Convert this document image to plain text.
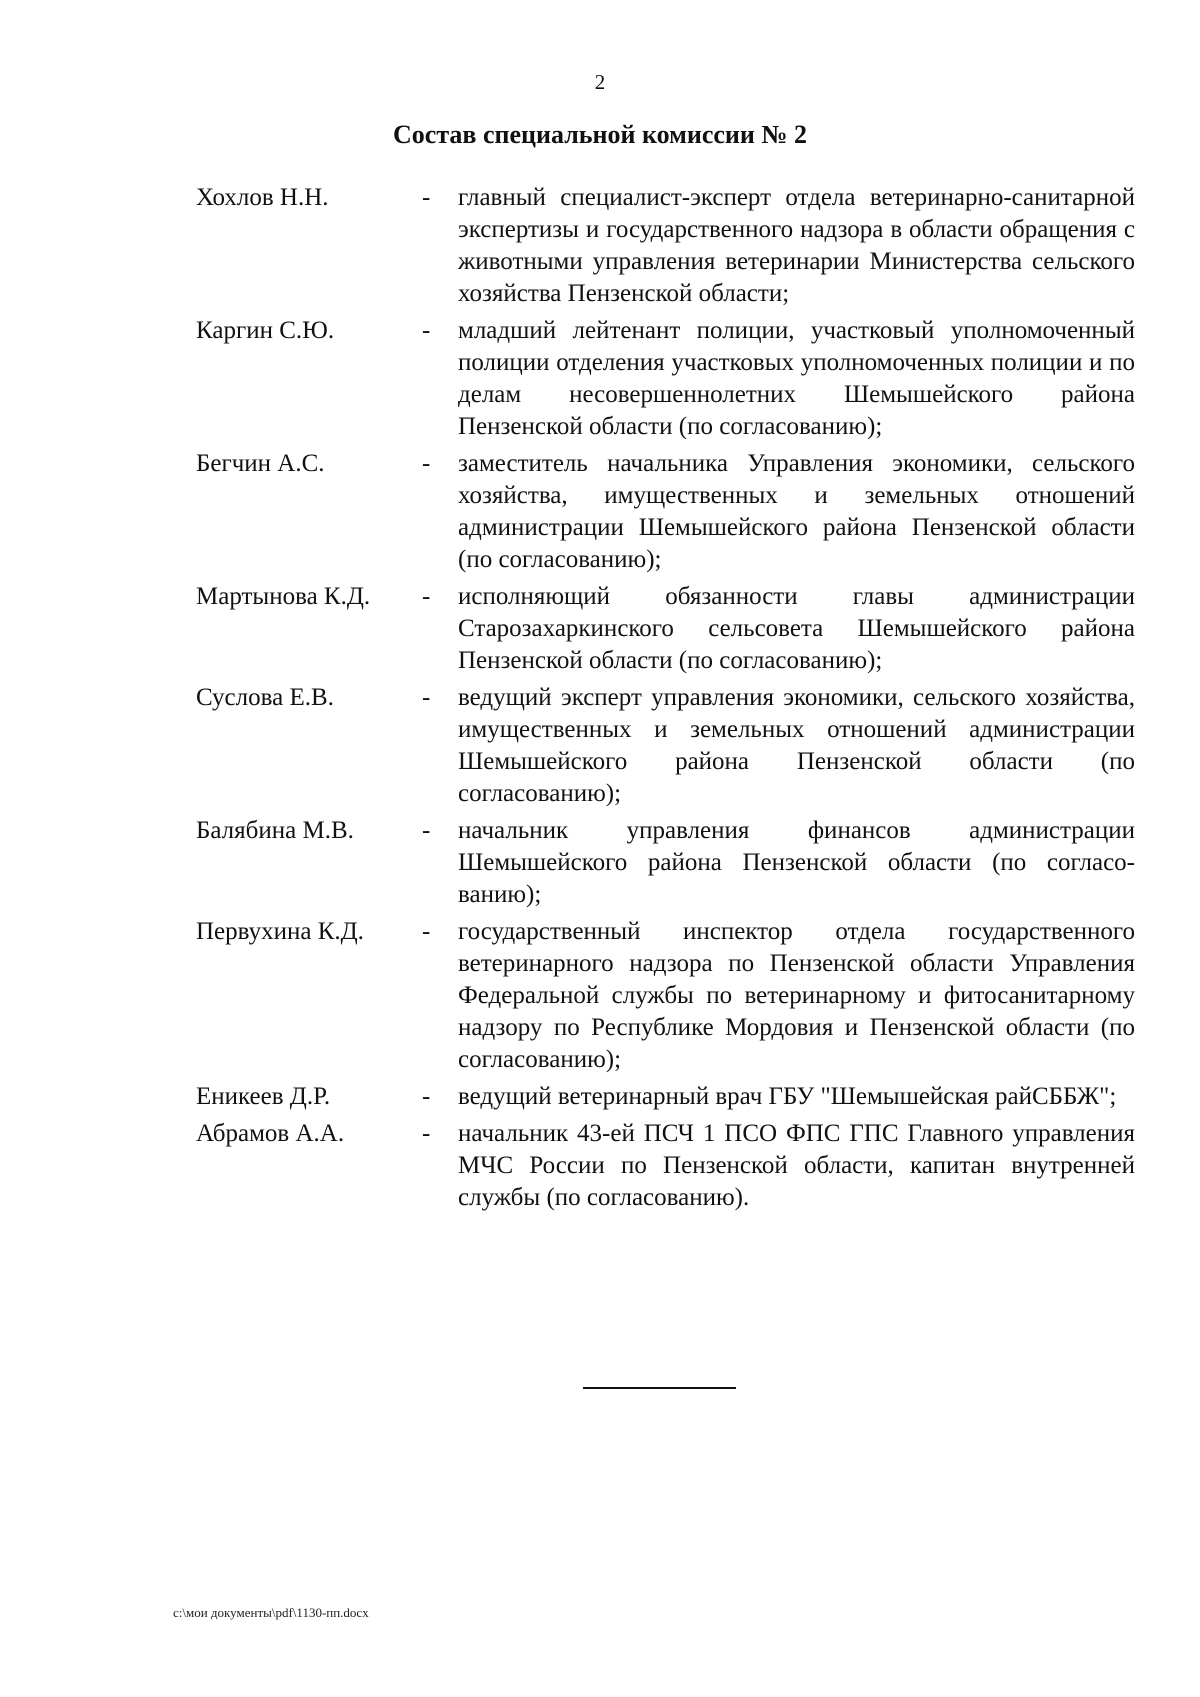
2
Состав специальной комиссии № 2
Хохлов Н.Н.	-	главный специалист-эксперт отдела ветеринарно-санитарной экспертизы и государственного надзора в области обращения с животными управления ветеринарии Министерства сельского хозяйства Пензенской области;
Каргин С.Ю.	-	младший лейтенант полиции, участковый уполномоченный полиции отделения участковых уполномоченных полиции и по делам несовершеннолетних Шемышейского района Пензенской области (по согласованию);
Бегчин А.С.	-	заместитель начальника Управления экономики, сельского хозяйства, имущественных и земельных отношений администрации Шемышейского района Пензенской области (по согласованию);
Мартынова К.Д.	-	исполняющий обязанности главы администрации Старозахаркинского сельсовета Шемышейского района Пензенской области (по согласованию);
Суслова Е.В.	-	ведущий эксперт управления экономики, сельского хозяйства, имущественных и земельных отношений администрации Шемышейского района Пензенской области (по согласованию);
Балябина М.В.	-	начальник управления финансов администрации Шемышейского района Пензенской области (по согласованию);
Первухина К.Д.	-	государственный инспектор отдела государственного ветеринарного надзора по Пензенской области Управления Федеральной службы по ветеринарному и фитосанитарному надзору по Республике Мордовия и Пензенской области (по согласованию);
Еникеев Д.Р.	-	ведущий ветеринарный врач ГБУ "Шемышейская райСББЖ";
Абрамов А.А.	-	начальник 43-ей ПСЧ 1 ПСО ФПС ГПС Главного управления МЧС России по Пензенской области, капитан внутренней службы (по согласованию).
c:\мои документы\pdf\1130-пп.docx
